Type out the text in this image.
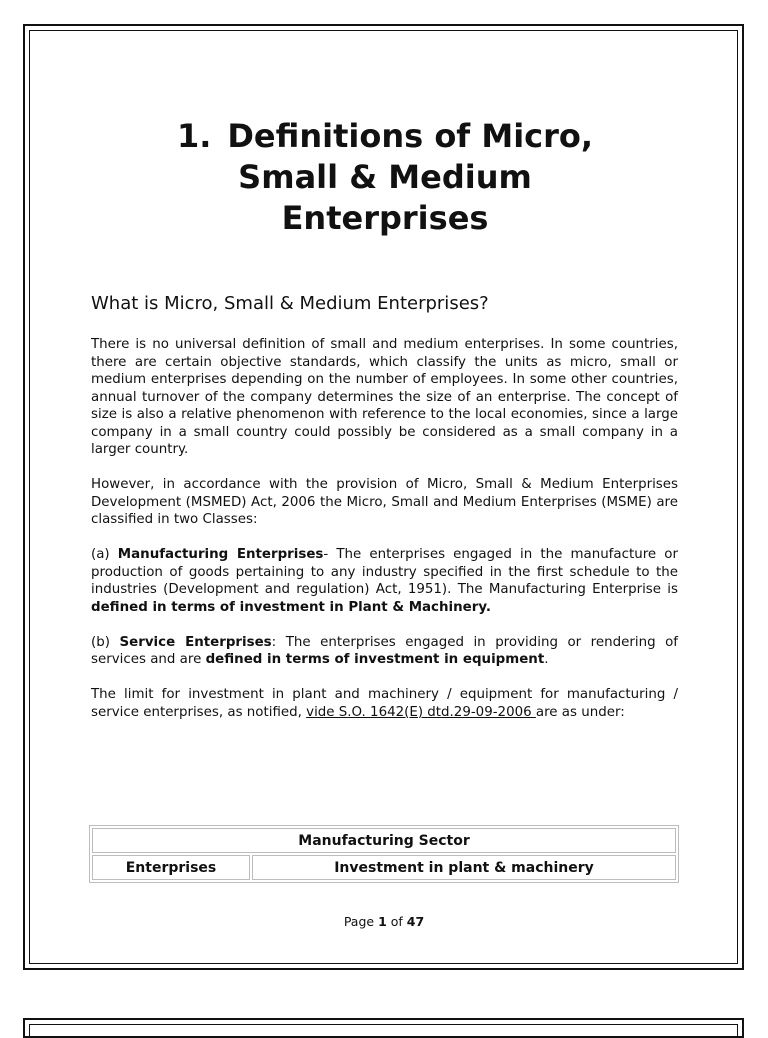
1. Definitions of Micro,
Small & Medium
Enterprises
What is Micro, Small & Medium Enterprises?

There is no universal definition of small and medium enterprises. In some countries, there are certain objective standards, which classify the units as micro, small or medium enterprises depending on the number of employees. In some other countries, annual turnover of the company determines the size of an enterprise. The concept of size is also a relative phenomenon with reference to the local economies, since a large company in a small country could possibly be considered as a small company in a larger country.

However, in accordance with the provision of Micro, Small & Medium Enterprises Development (MSMED) Act, 2006 the Micro, Small and Medium Enterprises (MSME) are classified in two Classes:

(a) Manufacturing Enterprises- The enterprises engaged in the manufacture or production of goods pertaining to any industry specified in the first schedule to the industries (Development and regulation) Act, 1951). The Manufacturing Enterprise is defined in terms of investment in Plant & Machinery.

(b) Service Enterprises: The enterprises engaged in providing or rendering of services and are defined in terms of investment in equipment.

The limit for investment in plant and machinery / equipment for manufacturing / service enterprises, as notified, vide S.O. 1642(E) dtd.29-09-2006 are as under:

Manufacturing Sector
Enterprises	Investment in plant & machinery
Page 1 of 47
